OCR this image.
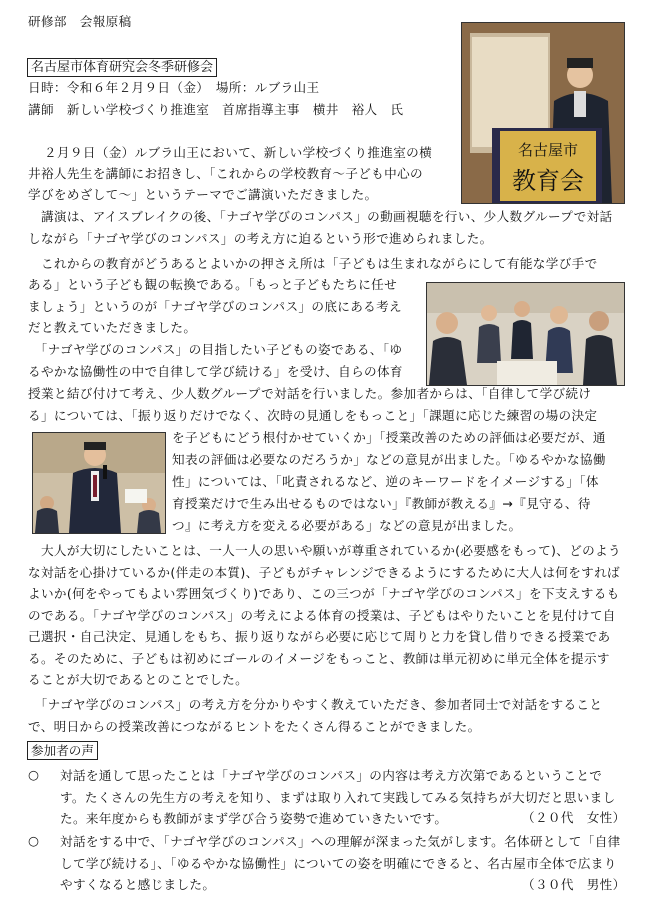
研修部　会報原稿
名古屋市体育研究会冬季研修会
日時：令和６年２月９日（金）　場所：ルブラ山王
講師　新しい学校づくり推進室　首席指導主事　横井　裕人　氏
名古屋市
教育会
２月９日（金）ルブラ山王において、新しい学校づくり推進室の横
井裕人先生を講師にお招きし、「これからの学校教育〜子ども中心の
学びをめざして〜」というテーマでご講演いただきました。
　講演は、アイスブレイクの後、「ナゴヤ学びのコンパス」の動画視聴を行い、少人数グループで対話しながら「ナゴヤ学びのコンパス」の考え方に迫るという形で進められました。
　これからの教育がどうあるとよいかの押さえ所は「子どもは生まれながらにして有能な学び手で
ある」という子ども観の転換である。「もっと子どもたちに任せ
ましょう」というのが「ナゴヤ学びのコンパス」の底にある考え
だと教えていただきました。
　「ナゴヤ学びのコンパス」の目指したい子どもの姿である、「ゆ
るやかな協働性の中で自律して学び続ける」を受け、自らの体育
授業と結び付けて考え、少人数グループで対話を行いました。参加者からは、「自律して学び続け
る」については、「振り返りだけでなく、次時の見通しをもっこと」「課題に応じた練習の場の決定
を子どもにどう根付かせていくか」「授業改善のための評価は必要だが、通
知表の評価は必要なのだろうか」などの意見が出ました。「ゆるやかな協働
性」については、「叱責されるなど、逆のキーワードをイメージする」「体
育授業だけで生み出せるものではない」『教師が教える』→『見守る、待
つ』に考え方を変える必要がある」などの意見が出ました。
　大人が大切にしたいことは、一人一人の思いや願いが尊重されているか(必要感をもって)、どのような対話を心掛けているか(伴走の本質)、子どもがチャレンジできるようにするために大人は何をすればよいか(何をやってもよい雰囲気づくり)であり、この三つが「ナゴヤ学びのコンパス」を下支えするものである。「ナゴヤ学びのコンパス」の考えによる体育の授業は、子どもはやりたいことを見付けて自己選択・自己決定、見通しをもち、振り返りながら必要に応じて周りと力を貸し借りできる授業である。そのために、子どもは初めにゴールのイメージをもっこと、教師は単元初めに単元全体を提示することが大切であるとのことでした。
　「ナゴヤ学びのコンパス」の考え方を分かりやすく教えていただき、参加者同士で対話をすることで、明日からの授業改善につながるヒントをたくさん得ることができました。
参加者の声
○ 対話を通して思ったことは「ナゴヤ学びのコンパス」の内容は考え方次第であるということです。たくさんの先生方の考えを知り、まずは取り入れて実践してみる気持ちが大切だと思いました。来年度からも教師がまず学び合う姿勢で進めていきたいです。	（２０代　女性）
○ 対話をする中で、「ナゴヤ学びのコンパス」への理解が深まった気がします。名体研として「自律して学び続ける」、「ゆるやかな協働性」についての姿を明確にできると、名古屋市全体で広まりやすくなると感じました。	（３０代　男性）
